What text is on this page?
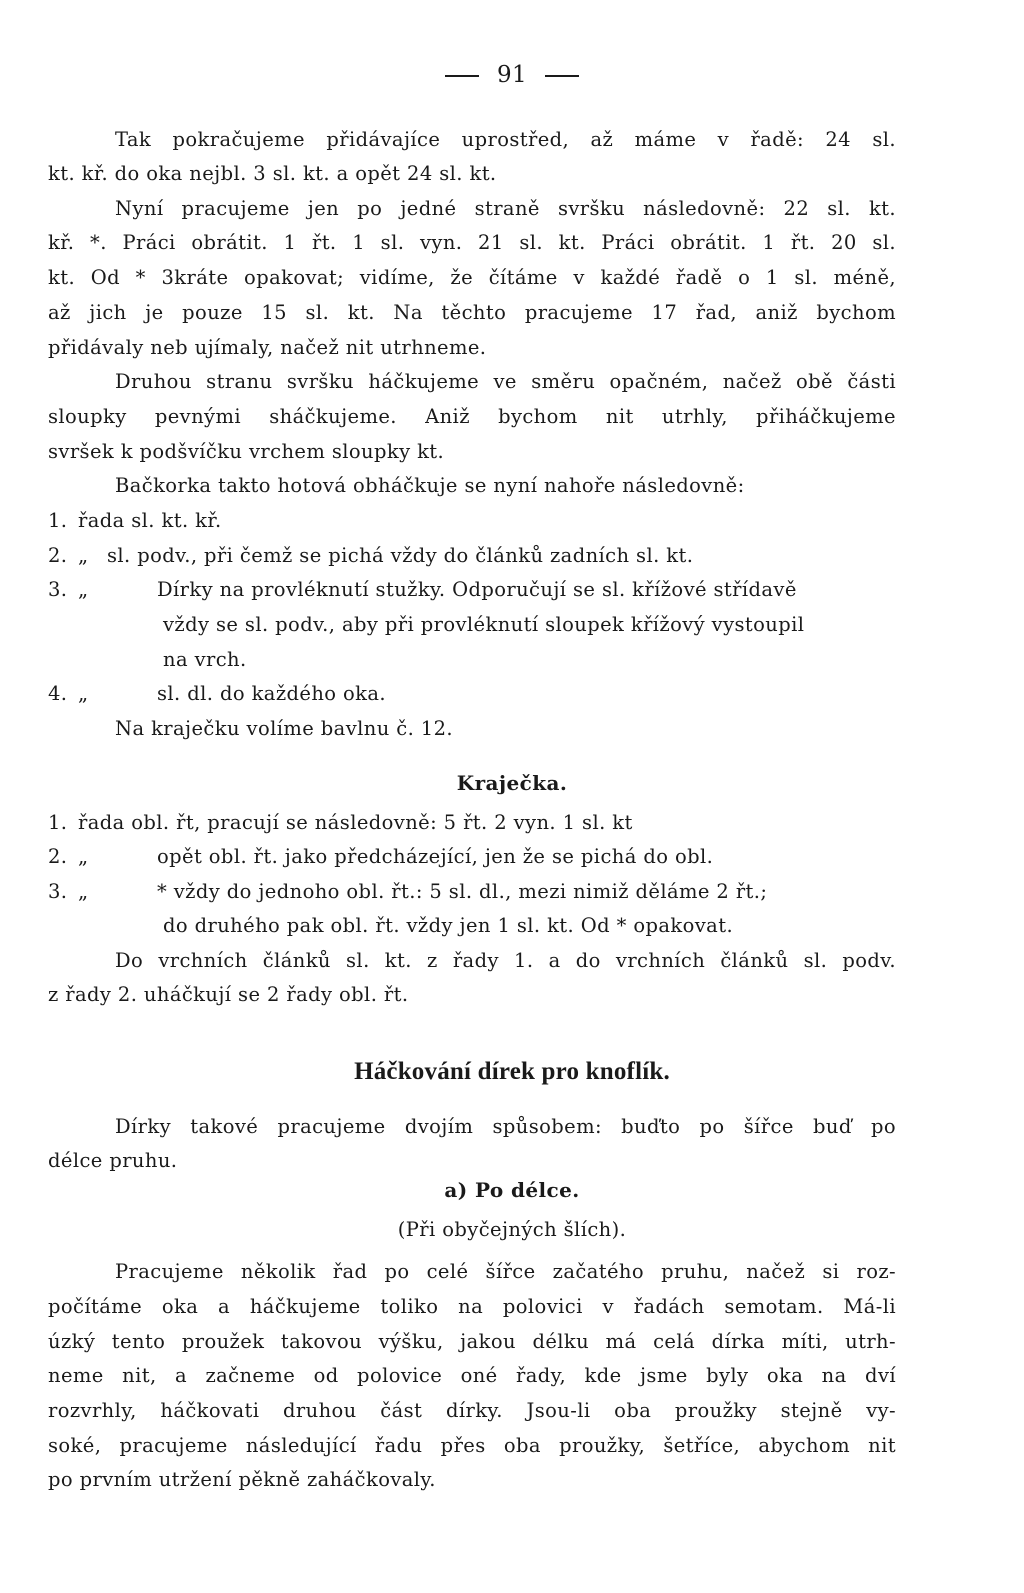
91
Tak pokračujeme přidávajíce uprostřed, až máme v řadě: 24 sl.
kt. kř. do oka nejbl. 3 sl. kt. a opět 24 sl. kt.
Nyní pracujeme jen po jedné straně svršku následovně: 22 sl. kt.
kř. *. Práci obrátit. 1 řt. 1 sl. vyn. 21 sl. kt. Práci obrátit. 1 řt. 20 sl.
kt. Od * 3kráte opakovat; vidíme, že čítáme v každé řadě o 1 sl. méně,
až jich je pouze 15 sl. kt. Na těchto pracujeme 17 řad, aniž bychom
přidávaly neb ujímaly, načež nit utrhneme.
Druhou stranu svršku háčkujeme ve směru opačném, načež obě části
sloupky pevnými sháčkujeme. Aniž bychom nit utrhly, přiháčkujeme
svršek k podšvíčku vrchem sloupky kt.
Bačkorka takto hotová obháčkuje se nyní nahoře následovně:
1. řada sl. kt. kř.
2. „ sl. podv., při čemž se pichá vždy do článků zadních sl. kt.
3. „	Dírky na provléknutí stužky. Odporučují se sl. křížové střídavě
vždy se sl. podv., aby při provléknutí sloupek křížový vystoupil
na vrch.
4. „	sl. dl. do každého oka.
Na kraječku volíme bavlnu č. 12.
Kraječka.
1. řada obl. řt, pracují se následovně: 5 řt. 2 vyn. 1 sl. kt
2. „	opět obl. řt. jako předcházející, jen že se pichá do obl.
3. „	* vždy do jednoho obl. řt.: 5 sl. dl., mezi nimiž děláme 2 řt.;
do druhého pak obl. řt. vždy jen 1 sl. kt. Od * opakovat.
Do vrchních článků sl. kt. z řady 1. a do vrchních článků sl. podv.
z řady 2. uháčkují se 2 řady obl. řt.
Háčkování dírek pro knoflík.
Dírky takové pracujeme dvojím spůsobem: buďto po šířce buď po
délce pruhu.
a) Po délce.
(Při obyčejných šlích).
Pracujeme několik řad po celé šířce začatého pruhu, načež si roz-
počítáme oka a háčkujeme toliko na polovici v řadách semotam. Má-li
úzký tento proužek takovou výšku, jakou délku má celá dírka míti, utrh-
neme nit, a začneme od polovice oné řady, kde jsme byly oka na dví
rozvrhly, háčkovati druhou část dírky. Jsou-li oba proužky stejně vy-
soké, pracujeme následující řadu přes oba proužky, šetříce, abychom nit
po prvním utržení pěkně zaháčkovaly.
